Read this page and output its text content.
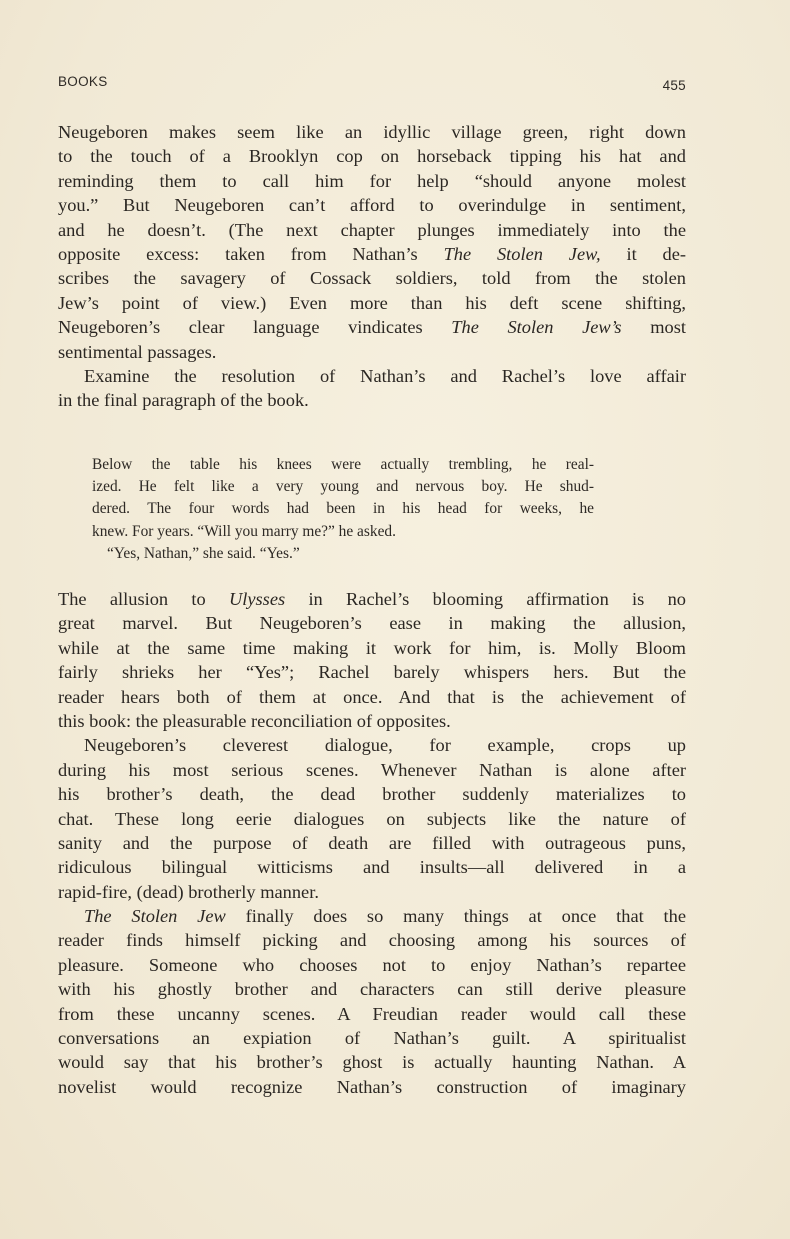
BOOKS	455
Neugeboren makes seem like an idyllic village green, right down
to the touch of a Brooklyn cop on horseback tipping his hat and
reminding them to call him for help “should anyone molest
you.” But Neugeboren can’t afford to overindulge in sentiment,
and he doesn’t. (The next chapter plunges immediately into the
opposite excess: taken from Nathan’s The Stolen Jew, it de-
scribes the savagery of Cossack soldiers, told from the stolen
Jew’s point of view.) Even more than his deft scene shifting,
Neugeboren’s clear language vindicates The Stolen Jew’s most
sentimental passages.
Examine the resolution of Nathan’s and Rachel’s love affair
in the final paragraph of the book.
Below the table his knees were actually trembling, he real-
ized. He felt like a very young and nervous boy. He shud-
dered. The four words had been in his head for weeks, he
knew. For years. “Will you marry me?” he asked.
“Yes, Nathan,” she said. “Yes.”
The allusion to Ulysses in Rachel’s blooming affirmation is no
great marvel. But Neugeboren’s ease in making the allusion,
while at the same time making it work for him, is. Molly Bloom
fairly shrieks her “Yes”; Rachel barely whispers hers. But the
reader hears both of them at once. And that is the achievement of
this book: the pleasurable reconciliation of opposites.
Neugeboren’s cleverest dialogue, for example, crops up
during his most serious scenes. Whenever Nathan is alone after
his brother’s death, the dead brother suddenly materializes to
chat. These long eerie dialogues on subjects like the nature of
sanity and the purpose of death are filled with outrageous puns,
ridiculous bilingual witticisms and insults—all delivered in a
rapid-fire, (dead) brotherly manner.
The Stolen Jew finally does so many things at once that the
reader finds himself picking and choosing among his sources of
pleasure. Someone who chooses not to enjoy Nathan’s repartee
with his ghostly brother and characters can still derive pleasure
from these uncanny scenes. A Freudian reader would call these
conversations an expiation of Nathan’s guilt. A spiritualist
would say that his brother’s ghost is actually haunting Nathan. A
novelist would recognize Nathan’s construction of imaginary
